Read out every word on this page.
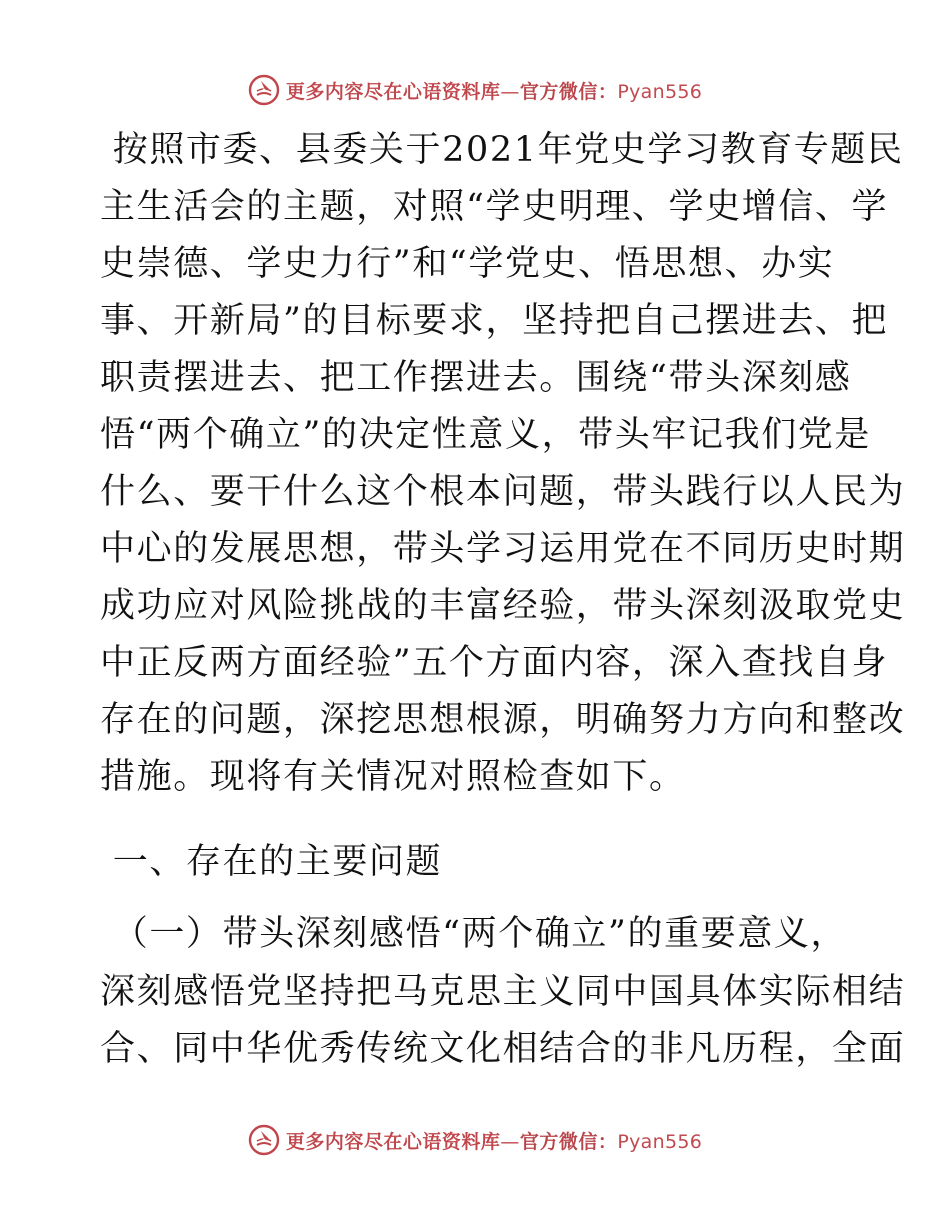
更多内容尽在心语资料库—官方微信：Pyan556
按照市委、县委关于2021年党史学习教育专题民
主生活会的主题，对照“学史明理、学史增信、学
史崇德、学史力行”和“学党史、悟思想、办实
事、开新局”的目标要求，坚持把自己摆进去、把
职责摆进去、把工作摆进去。围绕“带头深刻感
悟“两个确立”的决定性意义，带头牢记我们党是
什么、要干什么这个根本问题，带头践行以人民为
中心的发展思想，带头学习运用党在不同历史时期
成功应对风险挑战的丰富经验，带头深刻汲取党史
中正反两方面经验”五个方面内容，深入查找自身
存在的问题，深挖思想根源，明确努力方向和整改
措施。现将有关情况对照检查如下。
一、存在的主要问题
（一）带头深刻感悟“两个确立”的重要意义，
深刻感悟党坚持把马克思主义同中国具体实际相结
合、同中华优秀传统文化相结合的非凡历程，全面
更多内容尽在心语资料库—官方微信：Pyan556
